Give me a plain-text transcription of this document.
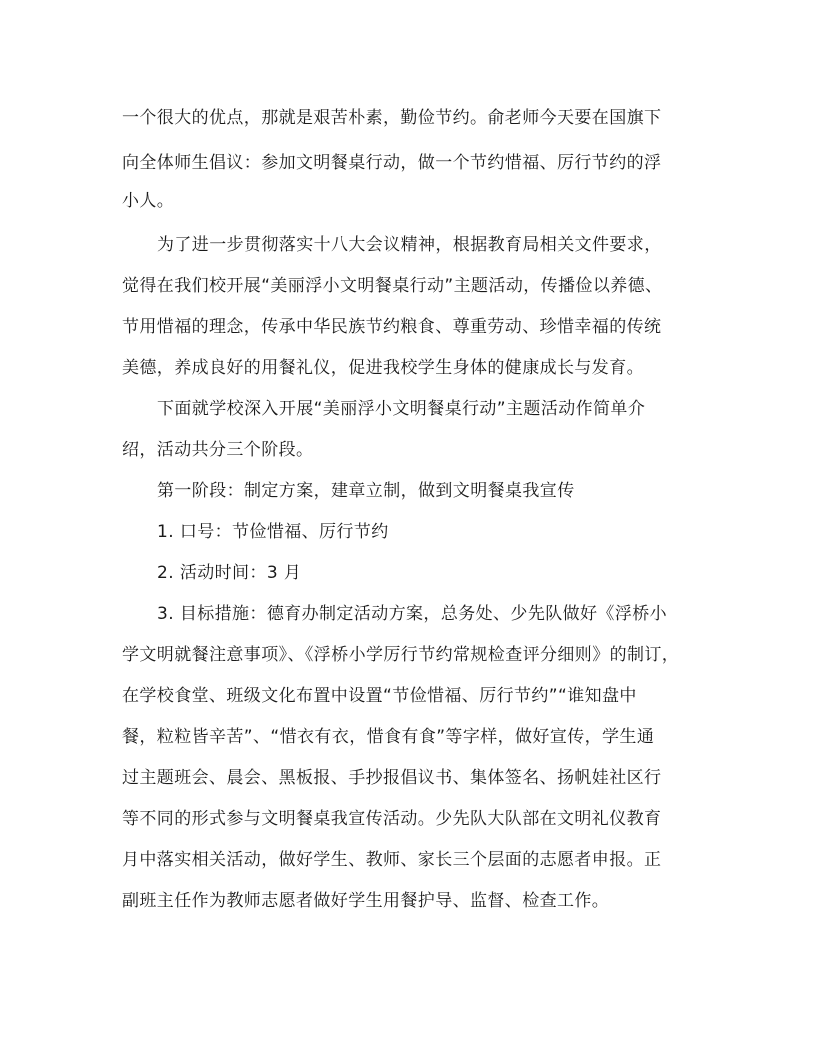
一个很大的优点，那就是艰苦朴素，勤俭节约。俞老师今天要在国旗下
向全体师生倡议：参加文明餐桌行动，做一个节约惜福、厉行节约的浮
小人。
为了进一步贯彻落实十八大会议精神，根据教育局相关文件要求，
觉得在我们校开展“美丽浮小文明餐桌行动”主题活动，传播俭以养德、
节用惜福的理念，传承中华民族节约粮食、尊重劳动、珍惜幸福的传统
美德，养成良好的用餐礼仪，促进我校学生身体的健康成长与发育。
下面就学校深入开展“美丽浮小文明餐桌行动”主题活动作简单介
绍，活动共分三个阶段。
第一阶段：制定方案，建章立制，做到文明餐桌我宣传
1. 口号：节俭惜福、厉行节约
2. 活动时间：3 月
3. 目标措施：德育办制定活动方案，总务处、少先队做好《浮桥小
学文明就餐注意事项》、《浮桥小学厉行节约常规检查评分细则》的制订，
在学校食堂、班级文化布置中设置“节俭惜福、厉行节约”“谁知盘中
餐，粒粒皆辛苦”、“惜衣有衣，惜食有食”等字样，做好宣传，学生通
过主题班会、晨会、黑板报、手抄报倡议书、集体签名、扬帆娃社区行
等不同的形式参与文明餐桌我宣传活动。少先队大队部在文明礼仪教育
月中落实相关活动，做好学生、教师、家长三个层面的志愿者申报。正
副班主任作为教师志愿者做好学生用餐护导、监督、检查工作。
